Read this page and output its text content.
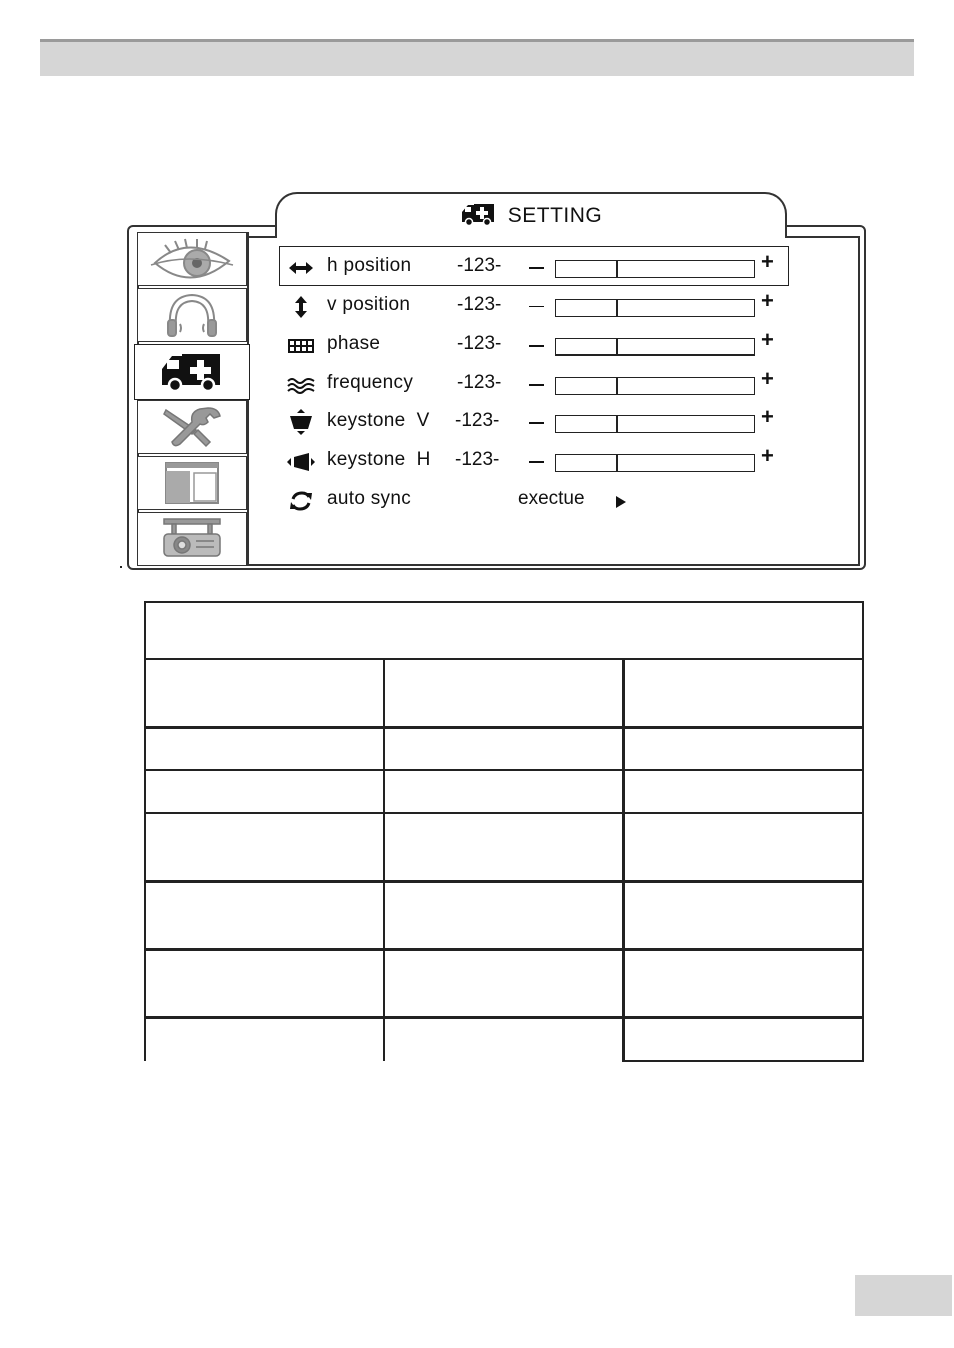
SETTING
h position -123-	+
v position -123-	+
phase	-123-	+
frequency -123-	+
keystone  V -123-	+
keystone  H -123-	+
auto sync	exectue
